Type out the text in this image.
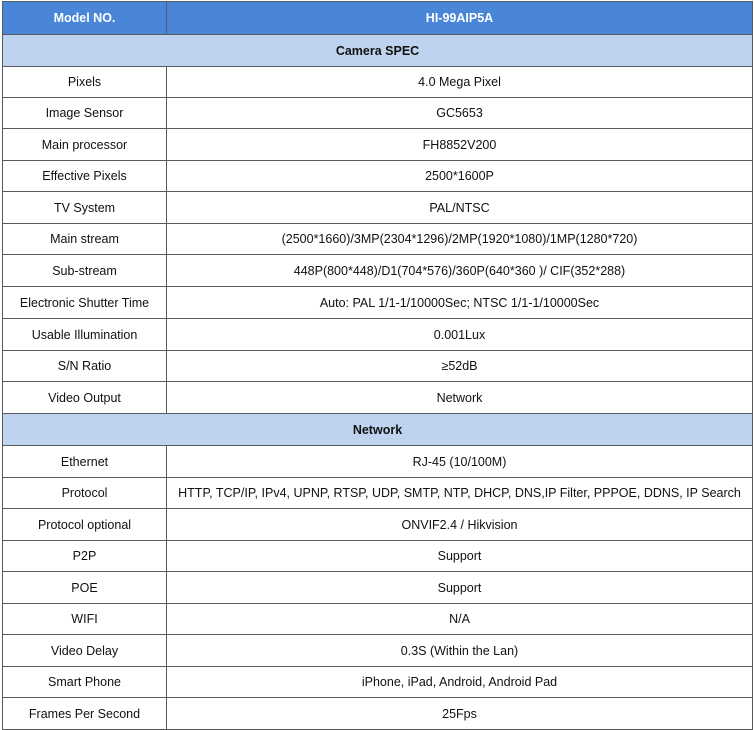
Model NO.	HI-99AIP5A
Camera SPEC	
Pixels	4.0 Mega Pixel
Image Sensor	GC5653
Main processor	FH8852V200
Effective Pixels	2500*1600P
TV System	PAL/NTSC
Main stream	(2500*1660)/3MP(2304*1296)/2MP(1920*1080)/1MP(1280*720)
Sub-stream	448P(800*448)/D1(704*576)/360P(640*360 )/ CIF(352*288)
Electronic Shutter Time	Auto: PAL 1/1-1/10000Sec; NTSC 1/1-1/10000Sec
Usable Illumination	0.001Lux
S/N Ratio	≥52dB
Video Output	Network
Network	
Ethernet	RJ-45 (10/100M)
Protocol	HTTP, TCP/IP, IPv4, UPNP, RTSP, UDP, SMTP, NTP, DHCP, DNS,IP Filter, PPPOE, DDNS, IP Search
Protocol optional	ONVIF2.4 / Hikvision
P2P	Support
POE	Support
WIFI	N/A
Video Delay	0.3S (Within the Lan)
Smart Phone	iPhone, iPad, Android, Android Pad
Frames Per Second	25Fps
